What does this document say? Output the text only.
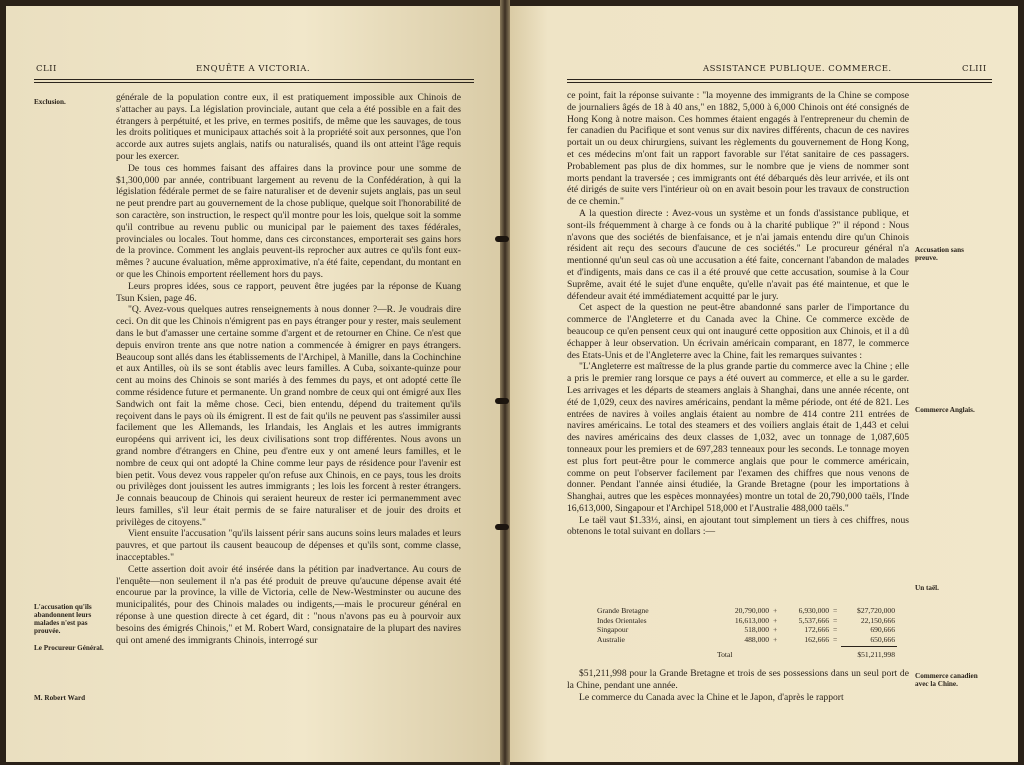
CLII	ENQUÊTE A VICTORIA.
Exclusion.
L'accusation qu'ils abandonnent leurs malades n'est pas prouvée.
Le Procureur Général.
M. Robert Ward

générale de la population contre eux, il est pratiquement impossible aux Chinois de s'attacher au pays. La législation provinciale, autant que cela a été possible en a fait des étrangers à perpétuité, et les prive, en termes positifs, de même que les sauvages, de tous les droits politiques et municipaux attachés soit à la propriété soit aux personnes, que l'on accorde aux autres sujets anglais, natifs ou naturalisés, quand ils ont atteint l'âge requis pour les exercer.

De tous ces hommes faisant des affaires dans la province pour une somme de $1,300,000 par année, contribuant largement au revenu de la Confédération, à qui la législation fédérale permet de se faire naturaliser et de devenir sujets anglais, pas un seul ne peut prendre part au gouvernement de la chose publique, quelque soit l'honorabilité de son caractère, son instruction, le respect qu'il montre pour les lois, quelque soit la somme qu'il contribue au revenu public ou municipal par le paiement des taxes fédérales, provinciales ou locales. Tout homme, dans ces circonstances, emporterait ses gains hors de la province. Comment les anglais peuvent-ils reprocher aux autres ce qu'ils font eux-mêmes ? aucune évaluation, même approximative, n'a été faite, cependant, du montant en or que les Chinois emportent réellement hors du pays.

Leurs propres idées, sous ce rapport, peuvent être jugées par la réponse de Kuang Tsun Ksien, page 46.

"Q. Avez-vous quelques autres renseignements à nous donner ?—R. Je voudrais dire ceci. On dit que les Chinois n'émigrent pas en pays étranger pour y rester, mais seulement dans le but d'amasser une certaine somme d'argent et de retourner en Chine. Ce n'est que depuis environ trente ans que notre nation a commencée à émigrer en pays étrangers. Beaucoup sont allés dans les établissements de l'Archipel, à Manille, dans la Cochinchine et aux Antilles, où ils se sont établis avec leurs familles. A Cuba, soixante-quinze pour cent au moins des Chinois se sont mariés à des femmes du pays, et ont adopté cette île comme résidence future et permanente. Un grand nombre de ceux qui ont émigré aux Iles Sandwich ont fait la même chose. Ceci, bien entendu, dépend du traitement qu'ils reçoivent dans le pays où ils émigrent. Il est de fait qu'ils ne peuvent pas s'assimiler aussi facilement que les Allemands, les Irlandais, les Anglais et les autres immigrants européens qui arrivent ici, les deux civilisations sont trop différentes. Nous avons un grand nombre d'étrangers en Chine, peu d'entre eux y ont amené leurs familles, et le nombre de ceux qui ont adopté la Chine comme leur pays de résidence pour l'avenir est bien petit. Vous devez vous rappeler qu'on refuse aux Chinois, en ce pays, tous les droits ou privilèges dont jouissent les autres immigrants ; les lois les forcent à rester étrangers. Je connais beaucoup de Chinois qui seraient heureux de rester ici permanemment avec leurs familles, s'il leur était permis de se faire naturaliser et de jouir des droits et privilèges de citoyens."

Vient ensuite l'accusation "qu'ils laissent périr sans aucuns soins leurs malades et leurs pauvres, et que partout ils causent beaucoup de dépenses et qu'ils sont, comme classe, inacceptables."

Cette assertion doit avoir été insérée dans la pétition par inadvertance. Au cours de l'enquête—non seulement il n'a pas été produit de preuve qu'aucune dépense avait été encourue par la province, la ville de Victoria, celle de New-Westminster ou aucune des municipalités, pour des Chinois malades ou indigents,—mais le procureur général en réponse à une question directe à cet égard, dit : "nous n'avons pas eu à pourvoir aux besoins des émigrés Chinois," et M. Robert Ward, consignataire de la plupart des navires qui ont amené des immigrants Chinois, interrogé sur

ASSISTANCE PUBLIQUE. COMMERCE.	CLIII
Accusation sans preuve.
Commerce Anglais.
Un taël.
Commerce canadien avec la Chine.

ce point, fait la réponse suivante : "la moyenne des immigrants de la Chine se compose de journaliers âgés de 18 à 40 ans," en 1882, 5,000 à 6,000 Chinois ont été consignés de Hong Kong à notre maison. Ces hommes étaient engagés à l'entrepreneur du chemin de fer canadien du Pacifique et sont venus sur dix navires différents, chacun de ces navires portait un ou deux chirurgiens, suivant les règlements du gouvernement de Hong Kong, et ces médecins m'ont fait un rapport favorable sur l'état sanitaire de ces passagers. Probablement pas plus de dix hommes, sur le nombre que je viens de nommer sont morts pendant la traversée ; ces immigrants ont été débarqués dès leur arrivée, et ils ont été dirigés de suite vers l'intérieur où on en avait besoin pour les travaux de construction de ce chemin."

A la question directe : Avez-vous un système et un fonds d'assistance publique, et sont-ils fréquemment à charge à ce fonds ou à la charité publique ?" il répond : Nous n'avons que des sociétés de bienfaisance, et je n'ai jamais entendu dire qu'un Chinois résident ait reçu des secours d'aucune de ces sociétés." Le procureur général n'a mentionné qu'un seul cas où une accusation a été faite, concernant l'abandon de malades et d'indigents, mais dans ce cas il a été prouvé que cette accusation, soumise à la Cour Suprême, avait été le sujet d'une enquête, qu'elle n'avait pas été maintenue, et que le défendeur avait été immédiatement acquitté par le jury.

Cet aspect de la question ne peut-être abandonné sans parler de l'importance du commerce de l'Angleterre et du Canada avec la Chine. Ce commerce excède de beaucoup ce qu'en pensent ceux qui ont inauguré cette opposition aux Chinois, et il a dû échapper à leur observation. Un écrivain américain comparant, en 1877, le commerce des Etats-Unis et de l'Angleterre avec la Chine, fait les remarques suivantes :

"L'Angleterre est maîtresse de la plus grande partie du commerce avec la Chine ; elle a pris le premier rang lorsque ce pays a été ouvert au commerce, et elle a su le garder. Les arrivages et les départs de steamers anglais à Shanghai, dans une année récente, ont été de 1,029, ceux des navires américains, pendant la même période, ont été de 821. Les entrées de navires à voiles anglais étaient au nombre de 414 contre 211 entrées de navires américains. Le total des steamers et des voiliers anglais était de 1,443 et celui des navires américains des deux classes de 1,032, avec un tonnage de 1,087,605 tonneaux pour les premiers et de 697,283 tenneaux pour les seconds. Le tonnage moyen est plus fort peut-être pour le commerce anglais que pour le commerce américain, comme on peut l'observer facilement par l'examen des chiffres que nous venons de donner. Pendant l'année ainsi étudiée, la Grande Bretagne (pour les importations à Shanghai, autres que les espèces monnayées) montre un total de 20,790,000 taëls, l'Inde 16,613,000, Singapour et l'Archipel 518,000 et l'Australie 488,000 taëls."

Le taël vaut $1.33⅓, ainsi, en ajoutant tout simplement un tiers à ces chiffres, nous obtenons le total suivant en dollars :—

Grande Bretagne	20,790,000 +	6,930,000 =	$27,720,000
Indes Orientales	16,613,000 +	5,537,666 =	22,150,666
Singapour	518,000 +	172,666 =	690,666
Australie	488,000 +	162,666 =	650,666
Total	$51,211,998

$51,211,998 pour la Grande Bretagne et trois de ses possessions dans un seul port de la Chine, pendant une année.

Le commerce du Canada avec la Chine et le Japon, d'après le rapport
